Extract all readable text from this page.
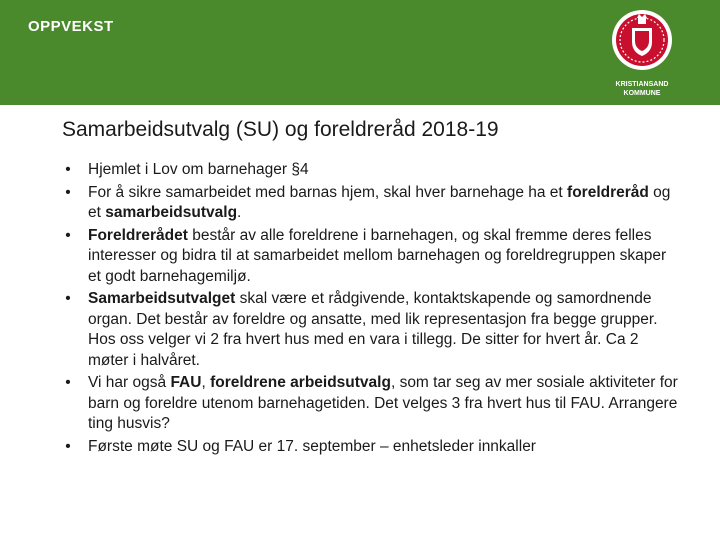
OPPVEKST
KRISTIANSAND
KOMMUNE
Samarbeidsutvalg (SU) og foreldreråd 2018-19
• Hjemlet i Lov om barnehager §4
• For å sikre samarbeidet med barnas hjem, skal hver barnehage ha et foreldreråd og et samarbeidsutvalg.
• Foreldrerådet består av alle foreldrene i barnehagen, og skal fremme deres felles interesser og bidra til at samarbeidet mellom barnehagen og foreldregruppen skaper et godt barnehagemiljø.
• Samarbeidsutvalget skal være et rådgivende, kontaktskapende og samordnende organ. Det består av foreldre og ansatte, med lik representasjon fra begge grupper. Hos oss velger vi 2 fra hvert hus med en vara i tillegg. De sitter for hvert år. Ca 2 møter i halvåret.
• Vi har også FAU, foreldrene arbeidsutvalg, som tar seg av mer sosiale aktiviteter for barn og foreldre utenom barnehagetiden. Det velges 3 fra hvert hus til FAU. Arrangere ting husvis?
• Første møte SU og FAU er 17. september – enhetsleder innkaller
